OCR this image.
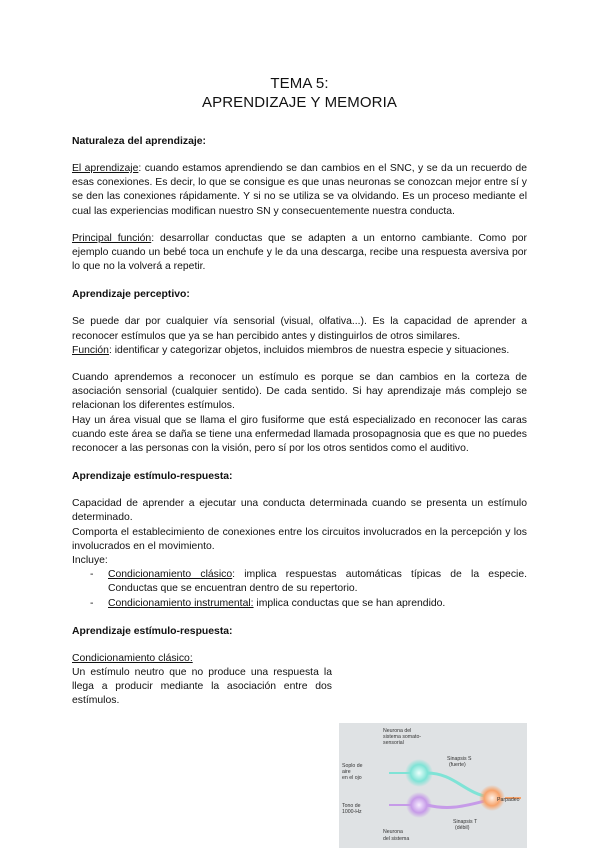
TEMA 5:
APRENDIZAJE Y MEMORIA

Naturaleza del aprendizaje:

El aprendizaje: cuando estamos aprendiendo se dan cambios en el SNC, y se da un recuerdo de esas conexiones. Es decir, lo que se consigue es que unas neuronas se conozcan mejor entre sí y se den las conexiones rápidamente. Y si no se utiliza se va olvidando. Es un proceso mediante el cual las experiencias modifican nuestro SN y consecuentemente nuestra conducta.

Principal función: desarrollar conductas que se adapten a un entorno cambiante. Como por ejemplo cuando un bebé toca un enchufe y le da una descarga, recibe una respuesta aversiva por lo que no la volverá a repetir.

Aprendizaje perceptivo:

Se puede dar por cualquier vía sensorial (visual, olfativa...). Es la capacidad de aprender a reconocer estímulos que ya se han percibido antes y distinguirlos de otros similares.

Función: identificar y categorizar objetos, incluidos miembros de nuestra especie y situaciones.

Cuando aprendemos a reconocer un estímulo es porque se dan cambios en la corteza de asociación sensorial (cualquier sentido). De cada sentido. Si hay aprendizaje más complejo se relacionan los diferentes estímulos.

Hay un área visual que se llama el giro fusiforme que está especializado en reconocer las caras cuando este área se daña se tiene una enfermedad llamada prosopagnosia que es que no puedes reconocer a las personas con la visión, pero sí por los otros sentidos como el auditivo.

Aprendizaje estímulo-respuesta:

Capacidad de aprender a ejecutar una conducta determinada cuando se presenta un estímulo determinado.

Comporta el establecimiento de conexiones entre los circuitos involucrados en la percepción y los involucrados en el movimiento.

Incluye:

- Condicionamiento clásico: implica respuestas automáticas típicas de la especie. Conductas que se encuentran dentro de su repertorio.
- Condicionamiento instrumental: implica conductas que se han aprendido.

Aprendizaje estímulo-respuesta:

Condicionamiento clásico:

Un estímulo neutro que no produce una respuesta la llega a producir mediante la asociación entre dos estímulos.

Neurona del
sistema somato-
sensorial
Sinapsis S
(fuerte)
Soplo de
aire
en el ojo
Tono de
1000-Hz
Sinapsis T
(débil)
Neurona
del sistema
Parpadeo
